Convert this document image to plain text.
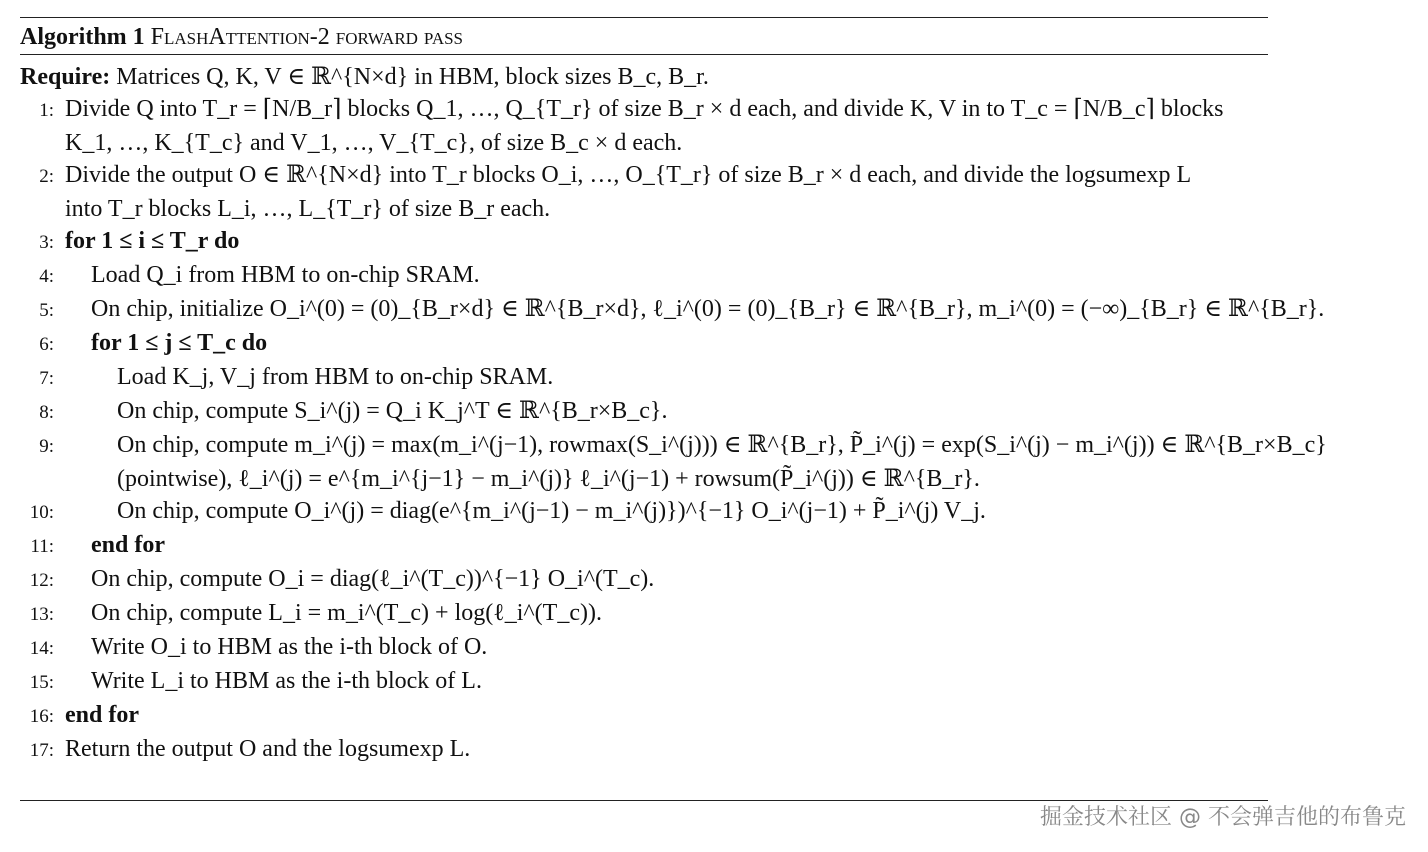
Algorithm 1 FlashAttention-2 forward pass
Require: Matrices Q, K, V ∈ ℝ^{N×d} in HBM, block sizes B_c, B_r.
1: Divide Q into T_r = ⌈N/B_r⌉ blocks Q_1, …, Q_{T_r} of size B_r × d each, and divide K, V in to T_c = ⌈N/B_c⌉ blocks
K_1, …, K_{T_c} and V_1, …, V_{T_c}, of size B_c × d each.
2: Divide the output O ∈ ℝ^{N×d} into T_r blocks O_i, …, O_{T_r} of size B_r × d each, and divide the logsumexp L
into T_r blocks L_i, …, L_{T_r} of size B_r each.
3: for 1 ≤ i ≤ T_r do
4: Load Q_i from HBM to on-chip SRAM.
5: On chip, initialize O_i^(0) = (0)_{B_r×d} ∈ ℝ^{B_r×d}, ℓ_i^(0) = (0)_{B_r} ∈ ℝ^{B_r}, m_i^(0) = (−∞)_{B_r} ∈ ℝ^{B_r}.
6: for 1 ≤ j ≤ T_c do
7:	Load K_j, V_j from HBM to on-chip SRAM.
8:	On chip, compute S_i^(j) = Q_i K_j^T ∈ ℝ^{B_r×B_c}.
9:	On chip, compute m_i^(j) = max(m_i^(j−1), rowmax(S_i^(j))) ∈ ℝ^{B_r}, P̃_i^(j) = exp(S_i^(j) − m_i^(j)) ∈ ℝ^{B_r×B_c}
(pointwise), ℓ_i^(j) = e^{m_i^{j−1} − m_i^(j)} ℓ_i^(j−1) + rowsum(P̃_i^(j)) ∈ ℝ^{B_r}.
10:	On chip, compute O_i^(j) = diag(e^{m_i^(j−1) − m_i^(j)})^{−1} O_i^(j−1) + P̃_i^(j) V_j.
11: end for
12: On chip, compute O_i = diag(ℓ_i^(T_c))^{−1} O_i^(T_c).
13: On chip, compute L_i = m_i^(T_c) + log(ℓ_i^(T_c)).
14: Write O_i to HBM as the i-th block of O.
15: Write L_i to HBM as the i-th block of L.
16: end for
17: Return the output O and the logsumexp L.
掘金技术社区 @ 不会弹吉他的布鲁克
